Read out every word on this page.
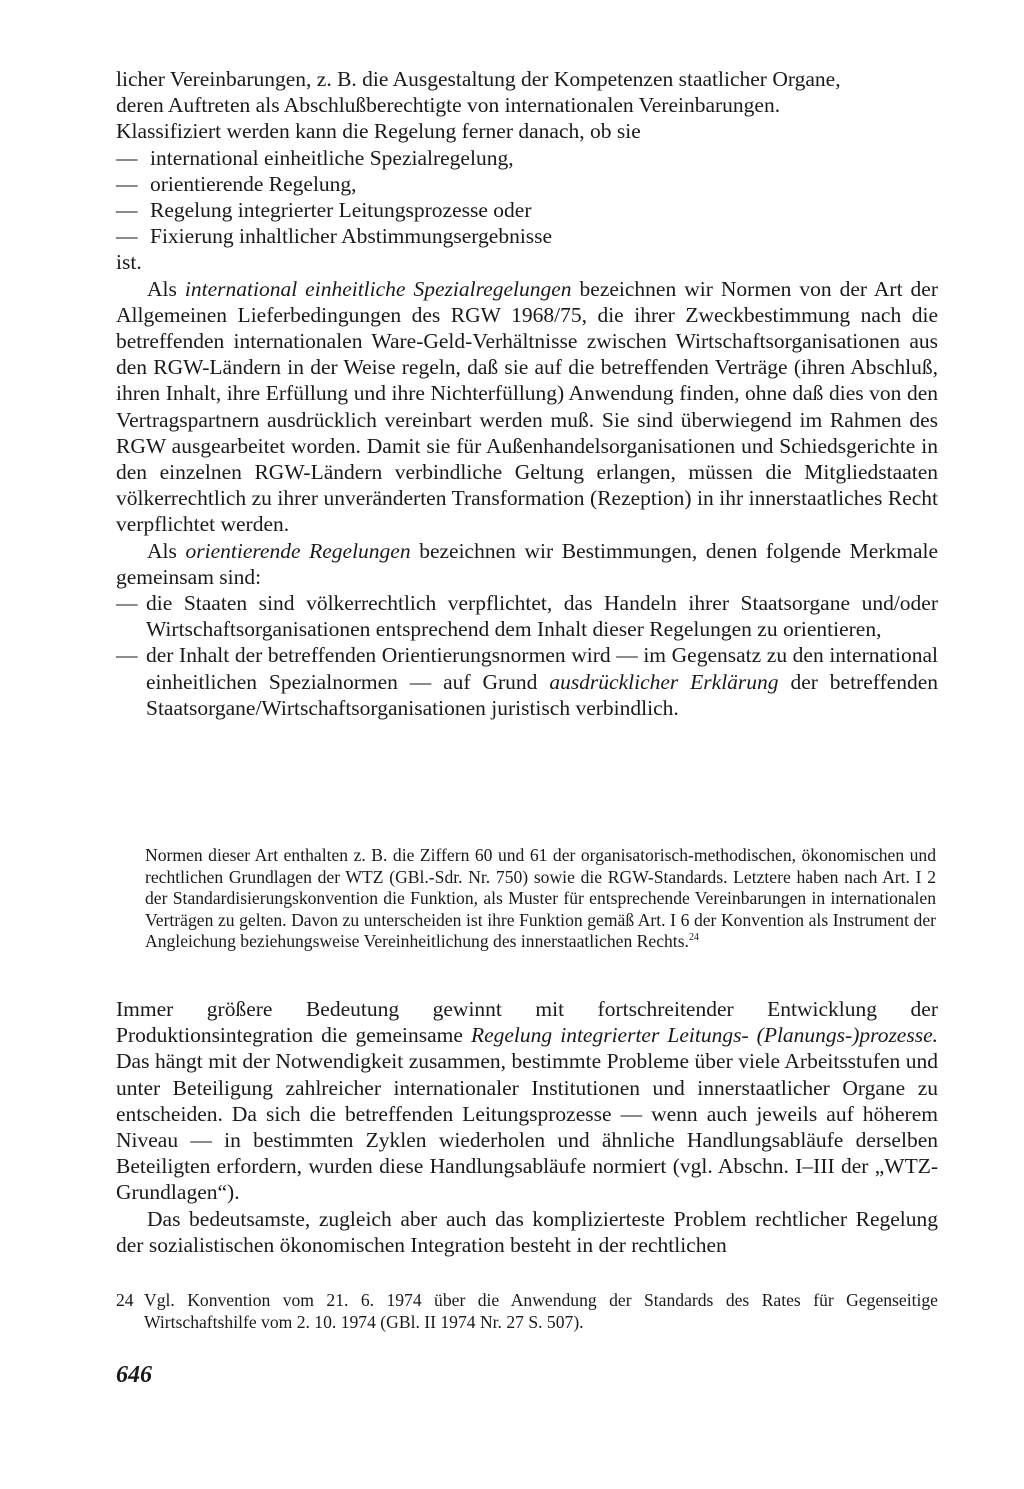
licher Vereinbarungen, z. B. die Ausgestaltung der Kompetenzen staatlicher Organe,

deren Auftreten als Abschlußberechtigte von internationalen Vereinbarungen.

Klassifiziert werden kann die Regelung ferner danach, ob sie

— international einheitliche Spezialregelung,
— orientierende Regelung,
— Regelung integrierter Leitungsprozesse oder
— Fixierung inhaltlicher Abstimmungsergebnisse

ist.

Als international einheitliche Spezialregelungen bezeichnen wir Normen von der Art der Allgemeinen Lieferbedingungen des RGW 1968/75, die ihrer Zweckbestimmung nach die betreffenden internationalen Ware-Geld-Verhältnisse zwischen Wirtschaftsorganisationen aus den RGW-Ländern in der Weise regeln, daß sie auf die betreffenden Verträge (ihren Abschluß, ihren Inhalt, ihre Erfüllung und ihre Nichterfüllung) Anwendung finden, ohne daß dies von den Vertragspartnern ausdrücklich vereinbart werden muß. Sie sind überwiegend im Rahmen des RGW ausgearbeitet worden. Damit sie für Außenhandelsorganisationen und Schiedsgerichte in den einzelnen RGW-Ländern verbindliche Geltung erlangen, müssen die Mitgliedstaaten völkerrechtlich zu ihrer unveränderten Transformation (Rezeption) in ihr innerstaatliches Recht verpflichtet werden.

Als orientierende Regelungen bezeichnen wir Bestimmungen, denen folgende Merkmale gemeinsam sind:

— die Staaten sind völkerrechtlich verpflichtet, das Handeln ihrer Staatsorgane und/oder Wirtschaftsorganisationen entsprechend dem Inhalt dieser Regelungen zu orientieren,
— der Inhalt der betreffenden Orientierungsnormen wird — im Gegensatz zu den international einheitlichen Spezialnormen — auf Grund ausdrücklicher Erklärung der betreffenden Staatsorgane/Wirtschaftsorganisationen juristisch verbindlich.

Normen dieser Art enthalten z. B. die Ziffern 60 und 61 der organisatorisch-methodischen, ökonomischen und rechtlichen Grundlagen der WTZ (GBl.-Sdr. Nr. 750) sowie die RGW-Standards. Letztere haben nach Art. I 2 der Standardisierungskonvention die Funktion, als Muster für entsprechende Vereinbarungen in internationalen Verträgen zu gelten. Davon zu unterscheiden ist ihre Funktion gemäß Art. I 6 der Konvention als Instrument der Angleichung beziehungsweise Vereinheitlichung des innerstaatlichen Rechts.$^{24}$

Immer größere Bedeutung gewinnt mit fortschreitender Entwicklung der Produktionsintegration die gemeinsame Regelung integrierter Leitungs- (Planungs-)prozesse. Das hängt mit der Notwendigkeit zusammen, bestimmte Probleme über viele Arbeitsstufen und unter Beteiligung zahlreicher internationaler Institutionen und innerstaatlicher Organe zu entscheiden. Da sich die betreffenden Leitungsprozesse — wenn auch jeweils auf höherem Niveau — in bestimmten Zyklen wiederholen und ähnliche Handlungsabläufe derselben Beteiligten erfordern, wurden diese Handlungsabläufe normiert (vgl. Abschn. I–III der „WTZ-Grundlagen“).

Das bedeutsamste, zugleich aber auch das komplizierteste Problem rechtlicher Regelung der sozialistischen ökonomischen Integration besteht in der rechtlichen

24 Vgl. Konvention vom 21. 6. 1974 über die Anwendung der Standards des Rates für Gegenseitige Wirtschaftshilfe vom 2. 10. 1974 (GBl. II 1974 Nr. 27 S. 507).
646
